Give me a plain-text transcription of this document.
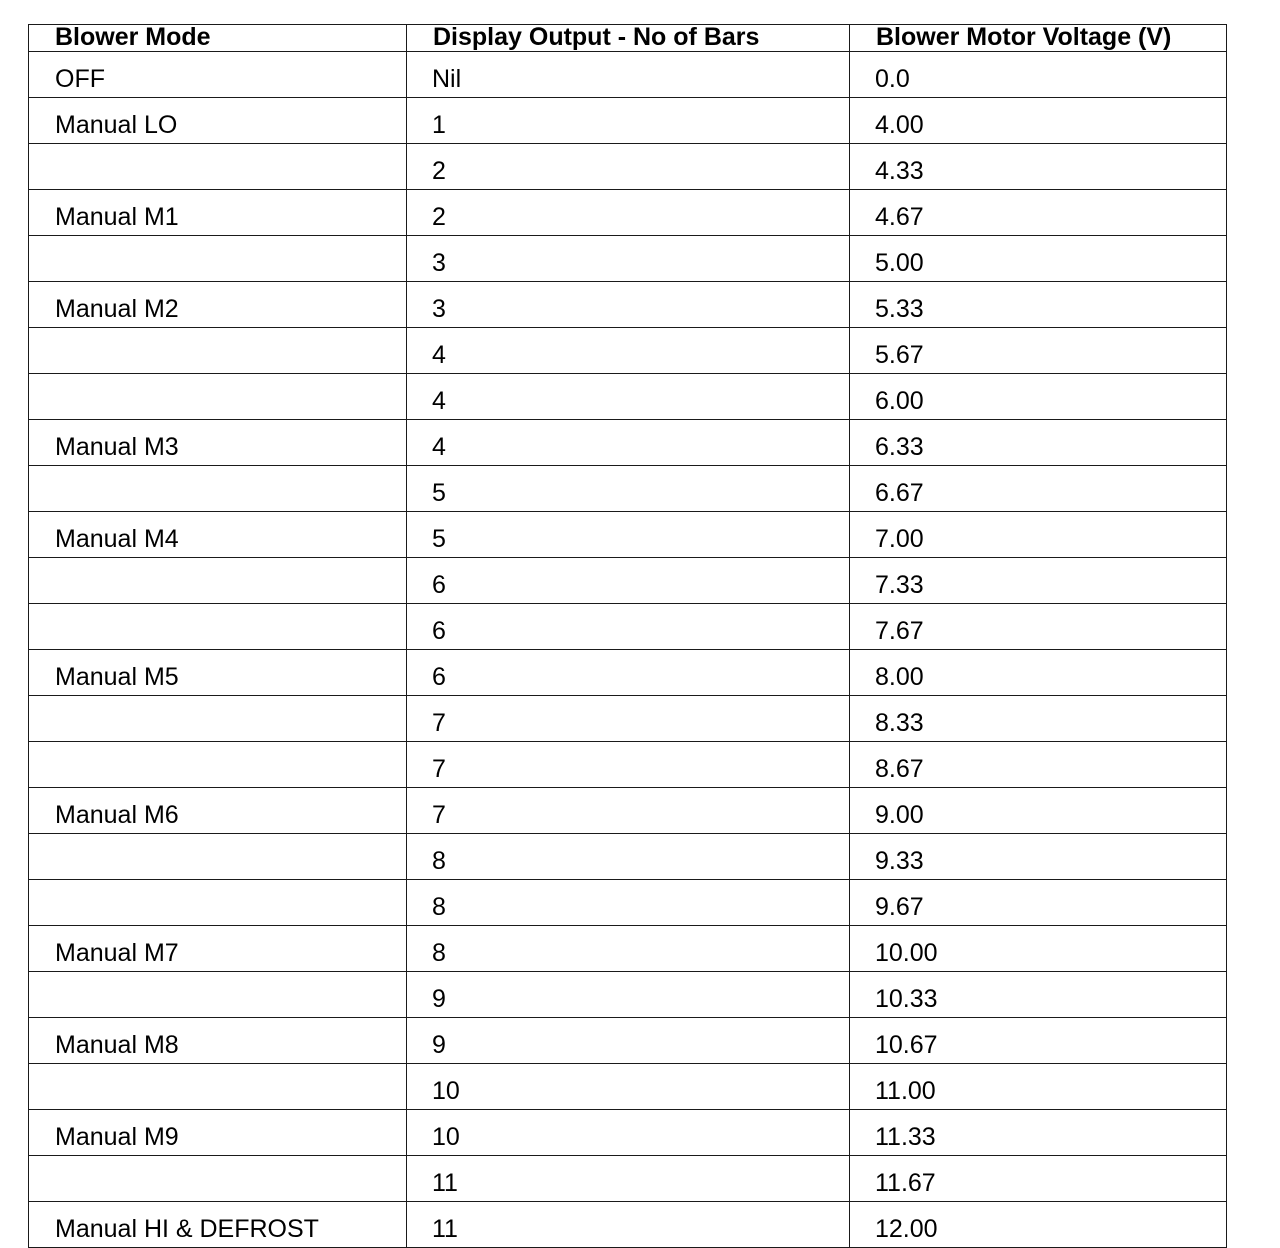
Blower Mode	Display Output - No of Bars	Blower Motor Voltage (V)
OFF	Nil	0.0
Manual LO	1	4.00
	2	4.33
Manual M1	2	4.67
	3	5.00
Manual M2	3	5.33
	4	5.67
	4	6.00
Manual M3	4	6.33
	5	6.67
Manual M4	5	7.00
	6	7.33
	6	7.67
Manual M5	6	8.00
	7	8.33
	7	8.67
Manual M6	7	9.00
	8	9.33
	8	9.67
Manual M7	8	10.00
	9	10.33
Manual M8	9	10.67
	10	11.00
Manual M9	10	11.33
	11	11.67
Manual HI & DEFROST	11	12.00
